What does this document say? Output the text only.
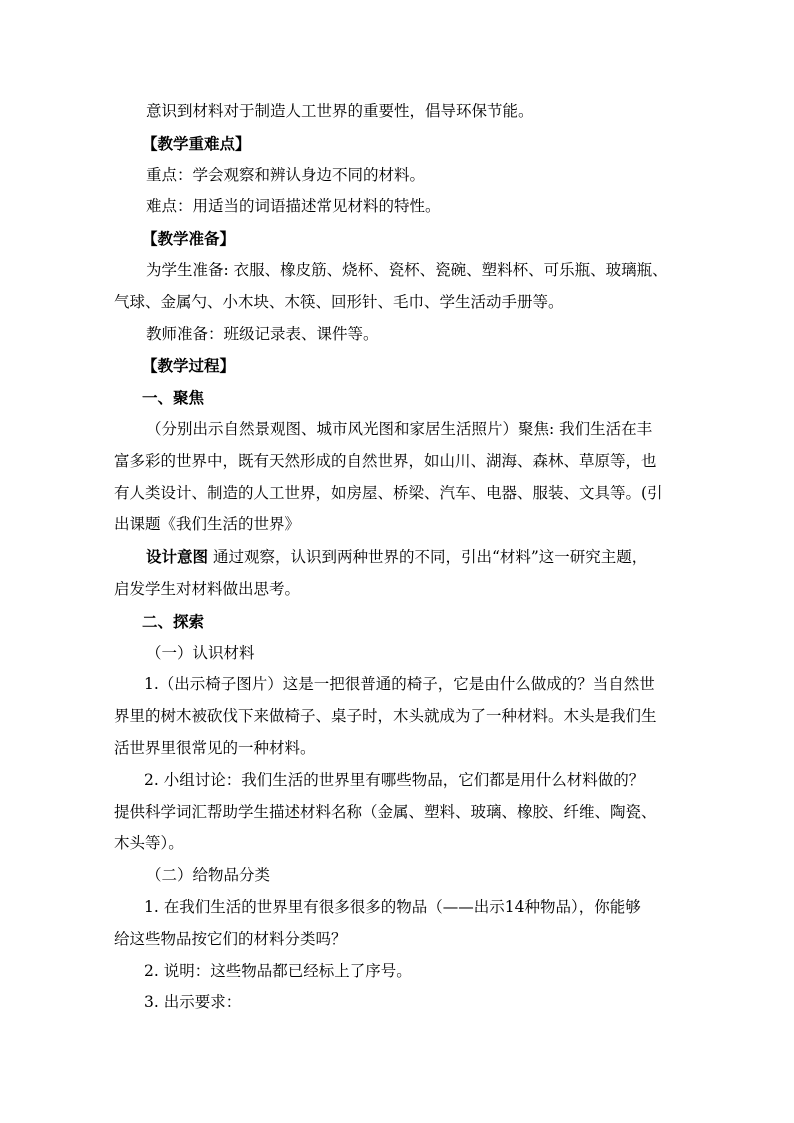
意识到材料对于制造人工世界的重要性，倡导环保节能。
【教学重难点】
重点：学会观察和辨认身边不同的材料。
难点：用适当的词语描述常见材料的特性。
【教学准备】
为学生准备: 衣服、橡皮筋、烧杯、瓷杯、瓷碗、塑料杯、可乐瓶、玻璃瓶、
气球、金属勺、小木块、木筷、回形针、毛巾、学生活动手册等。
教师准备：班级记录表、课件等。
【教学过程】
一、聚焦
（分别出示自然景观图、城市风光图和家居生活照片）聚焦: 我们生活在丰
富多彩的世界中，既有天然形成的自然世界，如山川、湖海、森林、草原等，也
有人类设计、制造的人工世界，如房屋、桥梁、汽车、电器、服装、文具等。(引
出课题《我们生活的世界》
设计意图 通过观察，认识到两种世界的不同，引出“材料”这一研究主题，
启发学生对材料做出思考。
二、探索
（一）认识材料
1.（出示椅子图片）这是一把很普通的椅子，它是由什么做成的？当自然世
界里的树木被砍伐下来做椅子、桌子时，木头就成为了一种材料。木头是我们生
活世界里很常见的一种材料。
2. 小组讨论：我们生活的世界里有哪些物品，它们都是用什么材料做的？
提供科学词汇帮助学生描述材料名称（金属、塑料、玻璃、橡胶、纤维、陶瓷、
木头等）。
（二）给物品分类
1. 在我们生活的世界里有很多很多的物品（——出示14种物品），你能够
给这些物品按它们的材料分类吗？
2. 说明：这些物品都已经标上了序号。
3. 出示要求：
